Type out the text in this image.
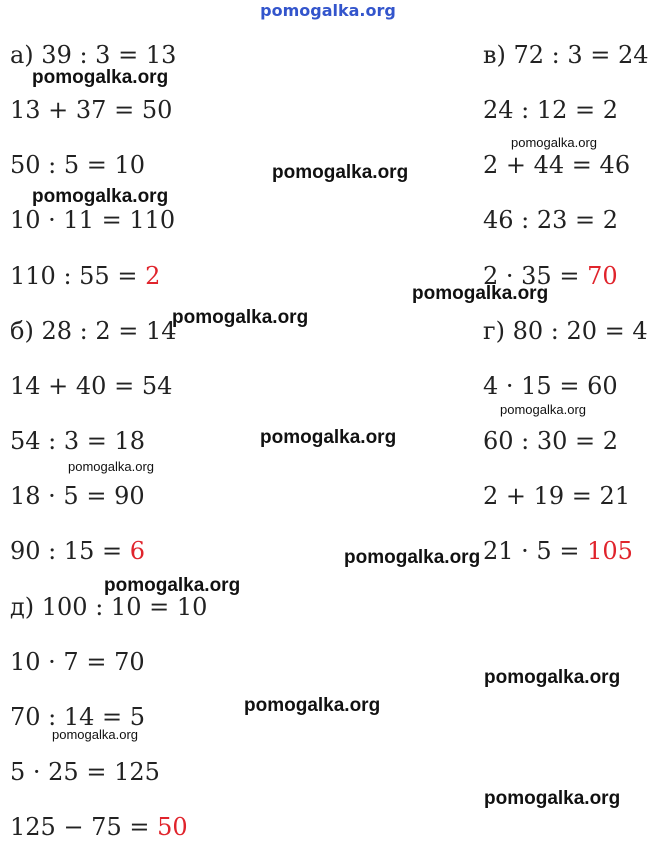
pomogalka.org
а) 39 : 3 = 13
13 + 37 = 50
50 : 5 = 10
10 · 11 = 110
110 : 55 = 2
б) 28 : 2 = 14
14 + 40 = 54
54 : 3 = 18
18 · 5 = 90
90 : 15 = 6
д) 100 : 10 = 10
10 · 7 = 70
70 : 14 = 5
5 · 25 = 125
125 − 75 = 50
в) 72 : 3 = 24
24 : 12 = 2
2 + 44 = 46
46 : 23 = 2
2 · 35 = 70
г) 80 : 20 = 4
4 · 15 = 60
60 : 30 = 2
2 + 19 = 21
21 · 5 = 105
pomogalka.org
pomogalka.org
pomogalka.org
pomogalka.org
pomogalka.org
pomogalka.org
pomogalka.org
pomogalka.org
pomogalka.org
pomogalka.org
pomogalka.org
pomogalka.org
pomogalka.org
pomogalka.org
pomogalka.org
